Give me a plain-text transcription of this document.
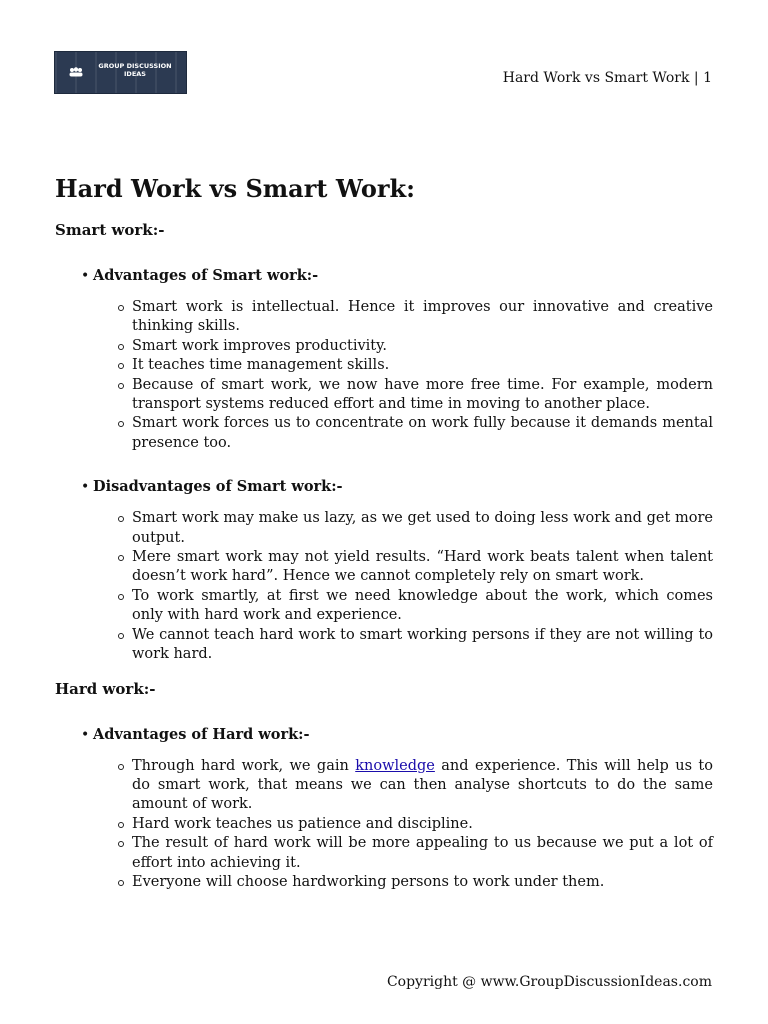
GROUP DISCUSSION
IDEAS	Hard Work vs Smart Work | 1
Hard Work vs Smart Work:
Smart work:-
• Advantages of Smart work:-
Smart work is intellectual. Hence it improves our innovative and creative thinking skills.
Smart work improves productivity.
It teaches time management skills.
Because of smart work, we now have more free time. For example, modern transport systems reduced effort and time in moving to another place.
Smart work forces us to concentrate on work fully because it demands mental presence too.
• Disadvantages of Smart work:-
Smart work may make us lazy, as we get used to doing less work and get more output.
Mere smart work may not yield results. “Hard work beats talent when talent doesn’t work hard”. Hence we cannot completely rely on smart work.
To work smartly, at first we need knowledge about the work, which comes only with hard work and experience.
We cannot teach hard work to smart working persons if they are not willing to work hard.
Hard work:-
• Advantages of Hard work:-
Through hard work, we gain knowledge and experience. This will help us to do smart work, that means we can then analyse shortcuts to do the same amount of work.
Hard work teaches us patience and discipline.
The result of hard work will be more appealing to us because we put a lot of effort into achieving it.
Everyone will choose hardworking persons to work under them.
Copyright @ www.GroupDiscussionIdeas.com
